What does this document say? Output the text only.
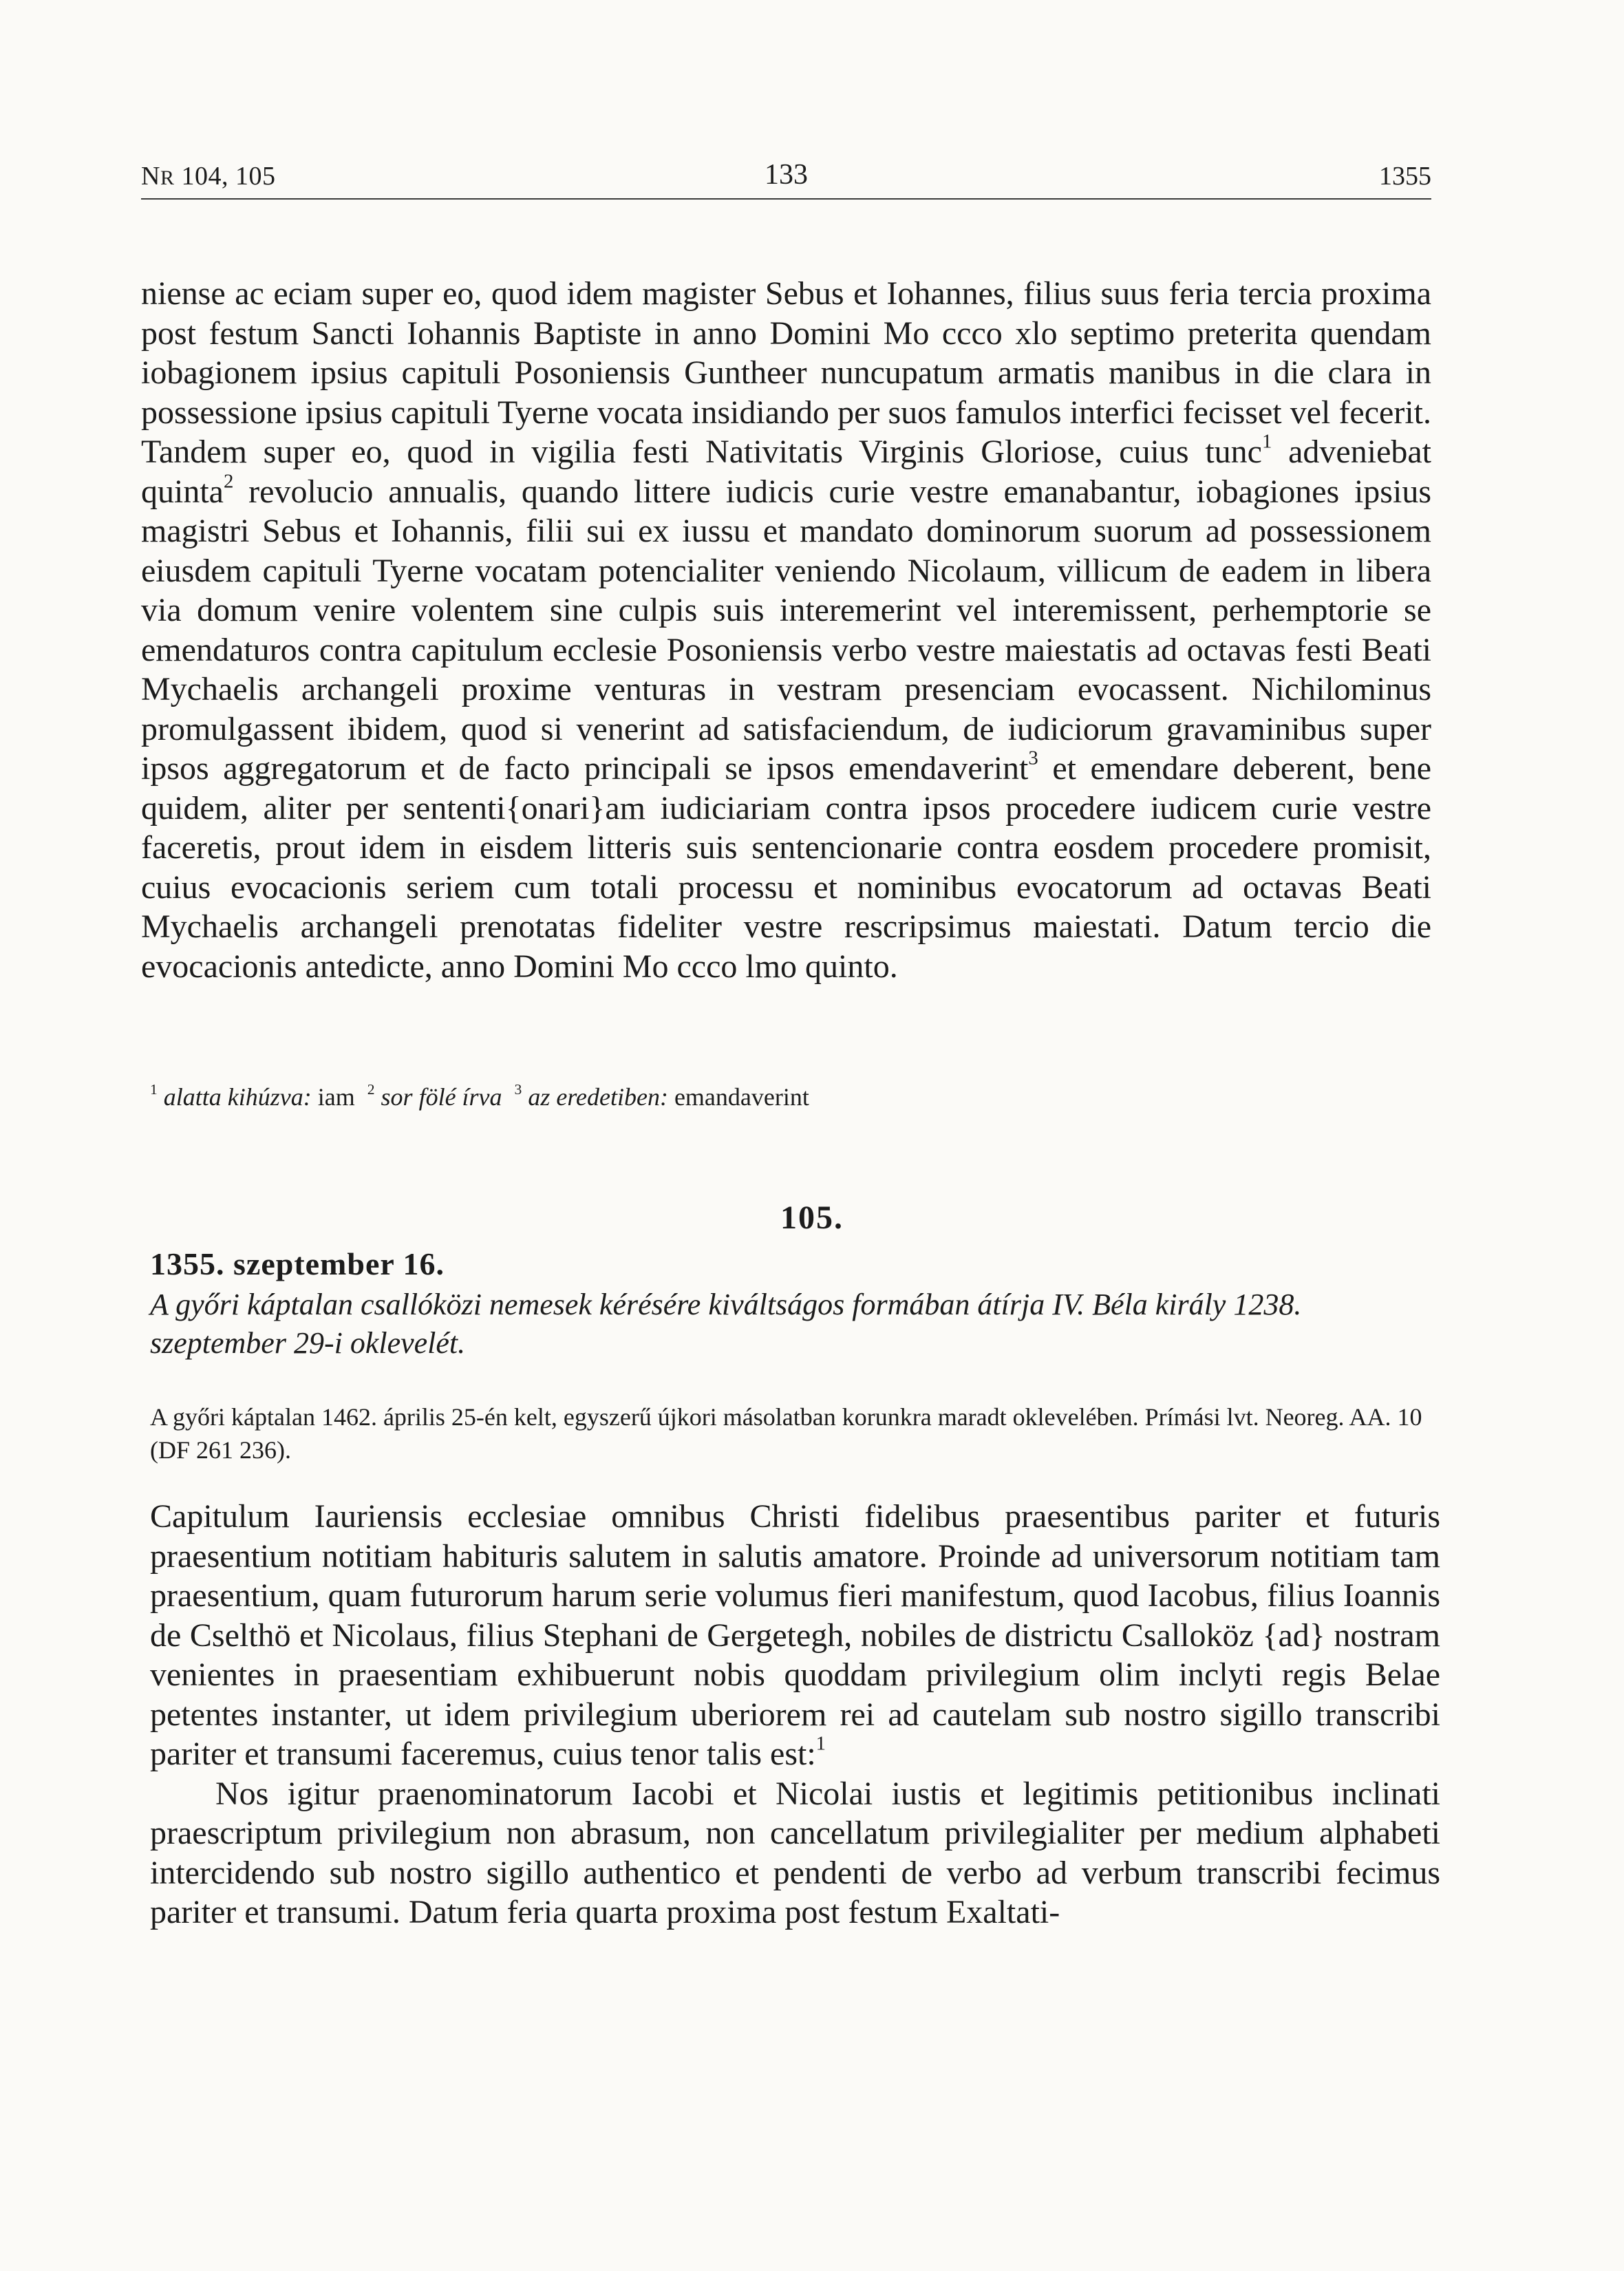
NR 104, 105	133	1355

niense ac eciam super eo, quod idem magister Sebus et Iohannes, filius suus feria tercia proxima post festum Sancti Iohannis Baptiste in anno Domini Mo ccco xlo septimo preterita quendam iobagionem ipsius capituli Posoniensis Guntheer nuncupatum armatis manibus in die clara in possessione ipsius capituli Tyerne vocata insidiando per suos famulos interfici fecisset vel fecerit. Tandem super eo, quod in vigilia festi Nativitatis Virginis Gloriose, cuius tunc$^1$ adveniebat quinta$^2$ revolucio annualis, quando littere iudicis curie vestre emanabantur, iobagiones ipsius magistri Sebus et Iohannis, filii sui ex iussu et mandato dominorum suorum ad possessionem eiusdem capituli Tyerne vocatam potencialiter veniendo Nicolaum, villicum de eadem in libera via domum venire volentem sine culpis suis interemerint vel interemissent, perhemptorie se emendaturos contra capitulum ecclesie Posoniensis verbo vestre maiestatis ad octavas festi Beati Mychaelis archangeli proxime venturas in vestram presenciam evocassent. Nichilominus promulgassent ibidem, quod si venerint ad satisfaciendum, de iudiciorum gravaminibus super ipsos aggregatorum et de facto principali se ipsos emendaverint$^3$ et emendare deberent, bene quidem, aliter per sententi{onari}am iudiciariam contra ipsos procedere iudicem curie vestre faceretis, prout idem in eisdem litteris suis sentencionarie contra eosdem procedere promisit, cuius evocacionis seriem cum totali processu et nominibus evocatorum ad octavas Beati Mychaelis archangeli prenotatas fideliter vestre rescripsimus maiestati. Datum tercio die evocacionis antedicte, anno Domini Mo ccco lmo quinto.

$^1$ alatta kihúzva: iam $^2$ sor fölé írva $^3$ az eredetiben: emandaverint
105.
1355. szeptember 16.
A győri káptalan csallóközi nemesek kérésére kiváltságos formában átírja IV. Béla király 1238. szeptember 29-i oklevelét.
A győri káptalan 1462. április 25-én kelt, egyszerű újkori másolatban korunkra maradt oklevelében. Prímási lvt. Neoreg. AA. 10 (DF 261 236).

Capitulum Iauriensis ecclesiae omnibus Christi fidelibus praesentibus pariter et futuris praesentium notitiam habituris salutem in salutis amatore. Proinde ad universorum notitiam tam praesentium, quam futurorum harum serie volumus fieri manifestum, quod Iacobus, filius Ioannis de Cselthö et Nicolaus, filius Stephani de Gergetegh, nobiles de districtu Csalloköz {ad} nostram venientes in praesentiam exhibuerunt nobis quoddam privilegium olim inclyti regis Belae petentes instanter, ut idem privilegium uberiorem rei ad cautelam sub nostro sigillo transcribi pariter et transumi faceremus, cuius tenor talis est:$^1$

Nos igitur praenominatorum Iacobi et Nicolai iustis et legitimis petitionibus inclinati praescriptum privilegium non abrasum, non cancellatum privilegialiter per medium alphabeti intercidendo sub nostro sigillo authentico et pendenti de verbo ad verbum transcribi fecimus pariter et transumi. Datum feria quarta proxima post festum Exaltati-
